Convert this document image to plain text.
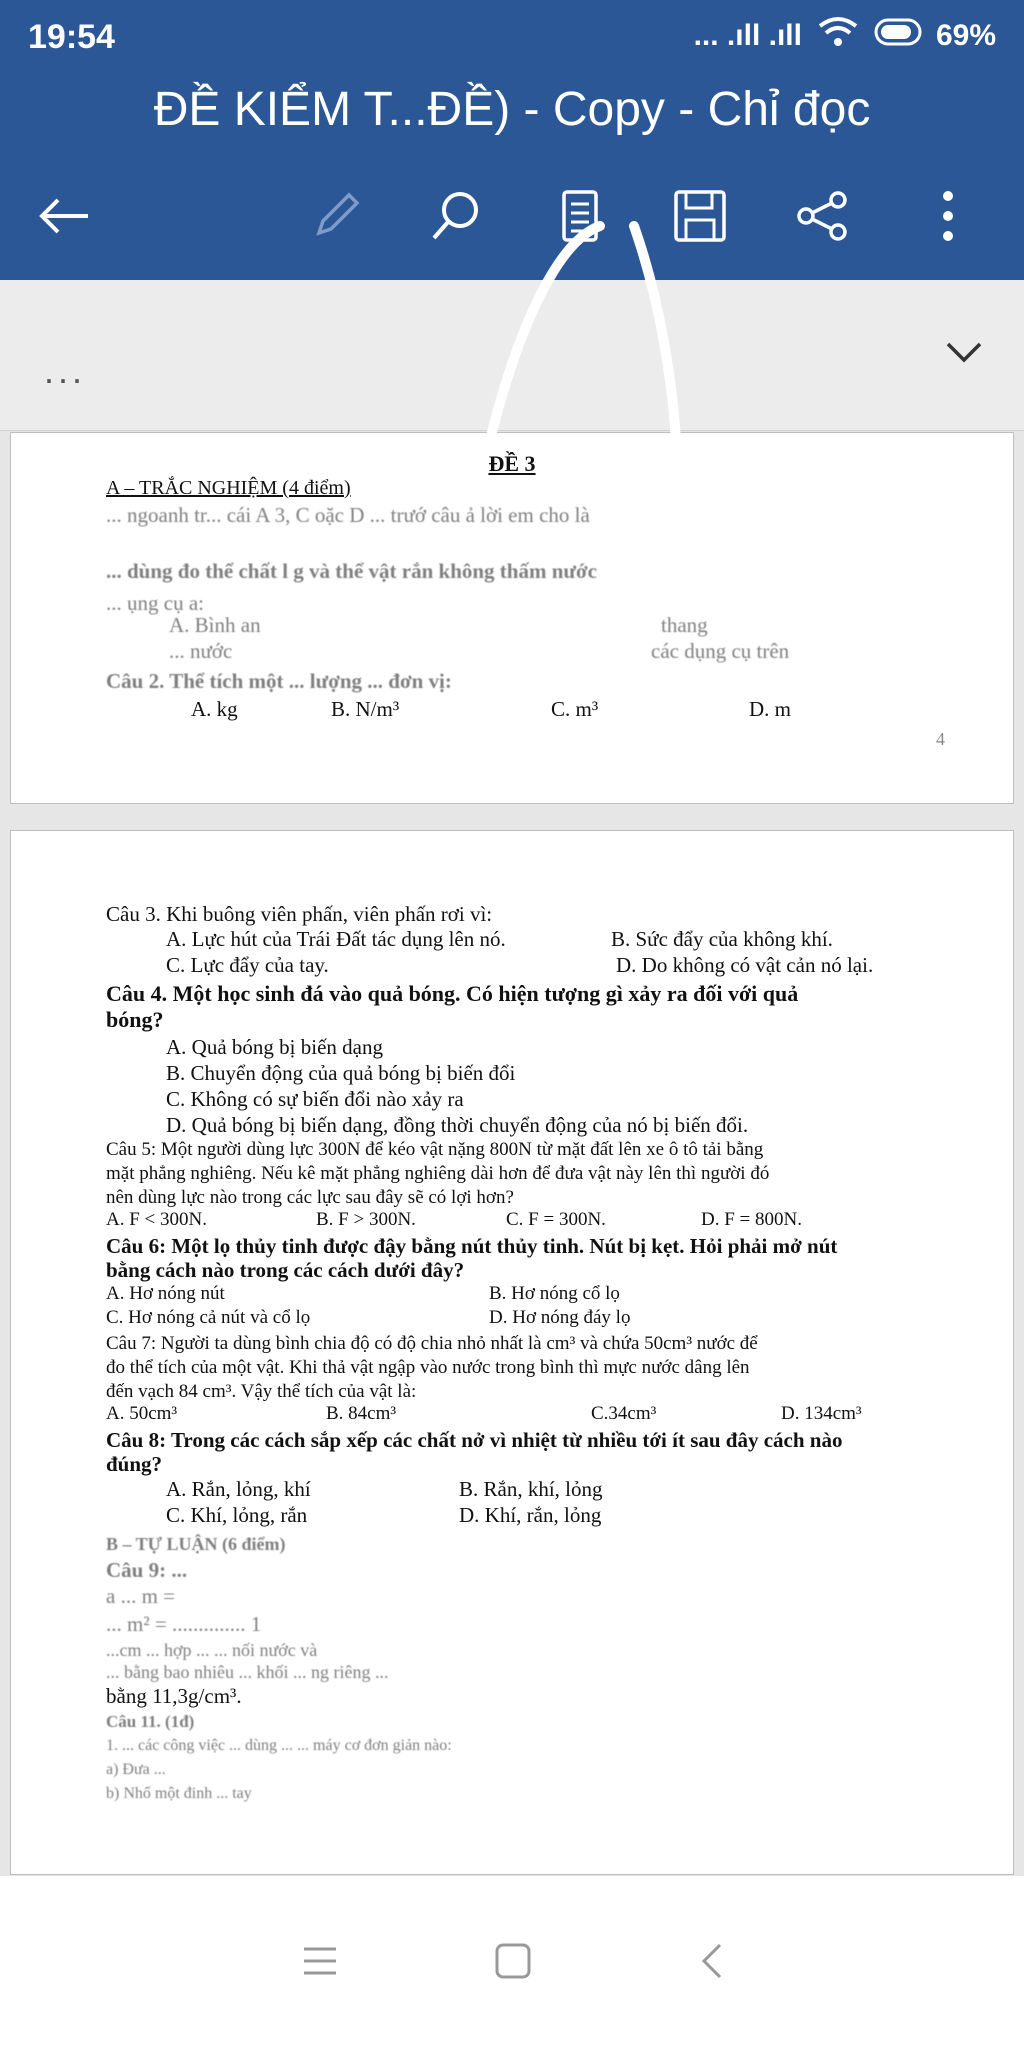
19:54	... .ıll .ıll	69%
ĐỀ KIỂM T...ĐỀ) - Copy - Chỉ đọc
...
ĐỀ 3
A – TRẮC NGHIỆM (4 điểm)
... ngoanh tr... cái A 3, C oặc D ... trướ câu ả lời em cho là
... dùng đo thể chất l g và thể vật rắn không thấm nước
... ụng cụ a:
A. Bình an	thang
... nước	các dụng cụ trên
Câu 2. Thể tích một ... lượng ... đơn vị:
A. kg	B. N/m³	C. m³	D. m
4
Câu 3. Khi buông viên phấn, viên phấn rơi vì:
A. Lực hút của Trái Đất tác dụng lên nó.	B. Sức đẩy của không khí.
C. Lực đẩy của tay.	D. Do không có vật cản nó lại.
Câu 4. Một học sinh đá vào quả bóng. Có hiện tượng gì xảy ra đối với quả
bóng?
A. Quả bóng bị biến dạng
B. Chuyển động của quả bóng bị biến đổi
C. Không có sự biến đổi nào xảy ra
D. Quả bóng bị biến dạng, đồng thời chuyển động của nó bị biến đổi.
Câu 5: Một người dùng lực 300N để kéo vật nặng 800N từ mặt đất lên xe ô tô tải bằng
mặt phẳng nghiêng. Nếu kê mặt phẳng nghiêng dài hơn để đưa vật này lên thì người đó
nên dùng lực nào trong các lực sau đây sẽ có lợi hơn?
A. F < 300N.	B. F > 300N.	C. F = 300N.	D. F = 800N.
Câu 6: Một lọ thủy tinh được đậy bằng nút thủy tinh. Nút bị kẹt. Hỏi phải mở nút
bằng cách nào trong các cách dưới đây?
A. Hơ nóng nút	B. Hơ nóng cổ lọ
C. Hơ nóng cả nút và cổ lọ	D. Hơ nóng đáy lọ
Câu 7: Người ta dùng bình chia độ có độ chia nhỏ nhất là cm³ và chứa 50cm³ nước để
đo thể tích của một vật. Khi thả vật ngập vào nước trong bình thì mực nước dâng lên
đến vạch 84 cm³. Vậy thể tích của vật là:
A. 50cm³	B. 84cm³	C.34cm³	D. 134cm³
Câu 8: Trong các cách sắp xếp các chất nở vì nhiệt từ nhiều tới ít sau đây cách nào
đúng?
A. Rắn, lỏng, khí	B. Rắn, khí, lỏng
C. Khí, lỏng, rắn	D. Khí, rắn, lỏng
B – TỰ LUẬN (6 điểm)
Câu 9: ...
a ... m =
... m² = .............. 1
...cm ... hợp ... ... nối nước và
... bằng bao nhiêu ... khối ... ng riêng ...
bằng 11,3g/cm³.
Câu 11. (1đ)
1. ... các công việc ... dùng ... ... máy cơ đơn giản nào:
a) Đưa ...
b) Nhổ một đinh ... tay
